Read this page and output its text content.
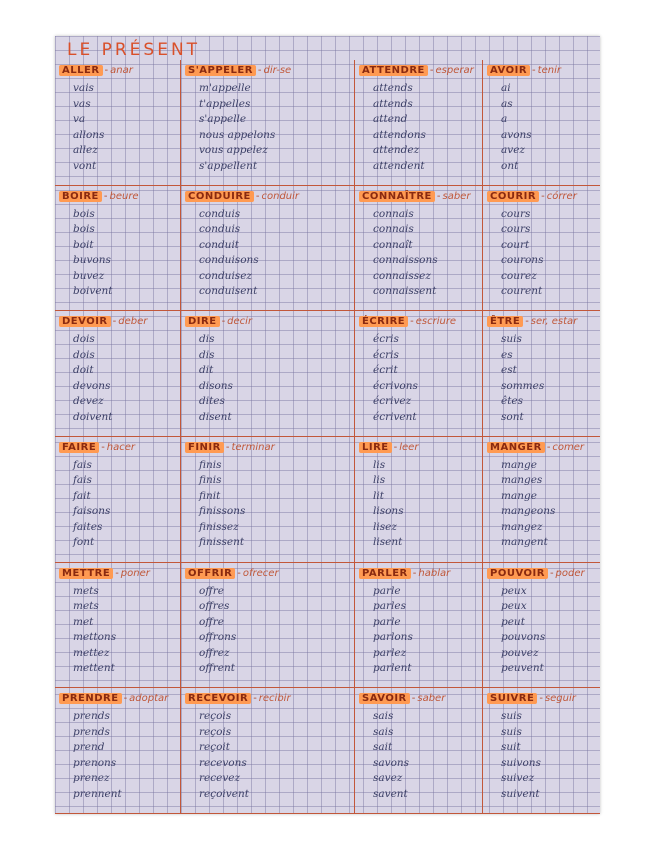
LE PRÉSENT
ALLER - anar
vais
vas
va
allons
allez
vont
S'APPELER - dir-se
m'appelle
t'appelles
s'appelle
nous appelons
vous appelez
s'appellent
ATTENDRE - esperar
attends
attends
attend
attendons
attendez
attendent
AVOIR - tenir
ai
as
a
avons
avez
ont
BOIRE - beure
bois
bois
boit
buvons
buvez
boivent
CONDUIRE - conduir
conduis
conduis
conduit
conduisons
conduisez
conduisent
CONNAÎTRE - saber
connais
connais
connaît
connaissons
connaissez
connaissent
COURIR - córrer
cours
cours
court
courons
courez
courent
DEVOIR - deber
dois
dois
doit
devons
devez
doivent
DIRE - decir
dis
dis
dit
disons
dites
disent
ÉCRIRE - escriure
écris
écris
écrit
écrivons
écrivez
écrivent
ÊTRE - ser, estar
suis
es
est
sommes
êtes
sont
FAIRE - hacer
fais
fais
fait
faisons
faites
font
FINIR - terminar
finis
finis
finit
finissons
finissez
finissent
LIRE - leer
lis
lis
lit
lisons
lisez
lisent
MANGER - comer
mange
manges
mange
mangeons
mangez
mangent
METTRE - poner
mets
mets
met
mettons
mettez
mettent
OFFRIR - ofrecer
offre
offres
offre
offrons
offrez
offrent
PARLER - hablar
parle
parles
parle
parlons
parlez
parlent
POUVOIR - poder
peux
peux
peut
pouvons
pouvez
peuvent
PRENDRE - adoptar
prends
prends
prend
prenons
prenez
prennent
RECEVOIR - recibir
reçois
reçois
reçoit
recevons
recevez
reçoivent
SAVOIR - saber
sais
sais
sait
savons
savez
savent
SUIVRE - seguir
suis
suis
suit
suivons
suivez
suivent
